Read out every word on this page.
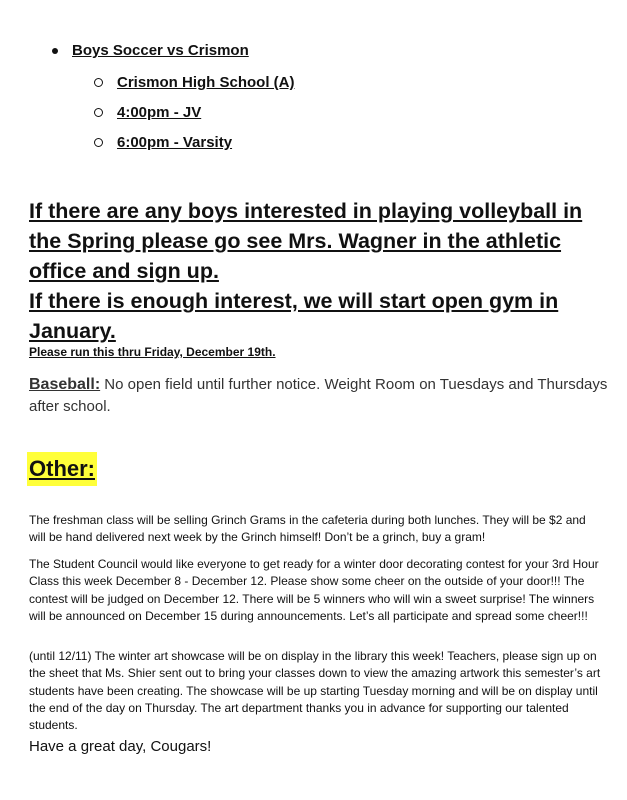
Boys Soccer vs Crismon
Crismon High School (A)
4:00pm - JV
6:00pm - Varsity

If there are any boys interested in playing volleyball in the Spring please go see Mrs. Wagner in the athletic office and sign up.

If there is enough interest, we will start open gym in January.

Please run this thru Friday, December 19th.
Baseball: No open field until further notice. Weight Room on Tuesdays and Thursdays after school.
Other:

The freshman class will be selling Grinch Grams in the cafeteria during both lunches. They will be $2 and will be hand delivered next week by the Grinch himself! Don’t be a grinch, buy a gram!

The Student Council would like everyone to get ready for a winter door decorating contest for your 3rd Hour Class this week December 8 - December 12. Please show some cheer on the outside of your door!!! The contest will be judged on December 12. There will be 5 winners who will win a sweet surprise! The winners will be announced on December 15 during announcements. Let’s all participate and spread some cheer!!!

(until 12/11) The winter art showcase will be on display in the library this week! Teachers, please sign up on the sheet that Ms. Shier sent out to bring your classes down to view the amazing artwork this semester’s art students have been creating. The showcase will be up starting Tuesday morning and will be on display until the end of the day on Thursday. The art department thanks you in advance for supporting our talented students.

Have a great day, Cougars!
